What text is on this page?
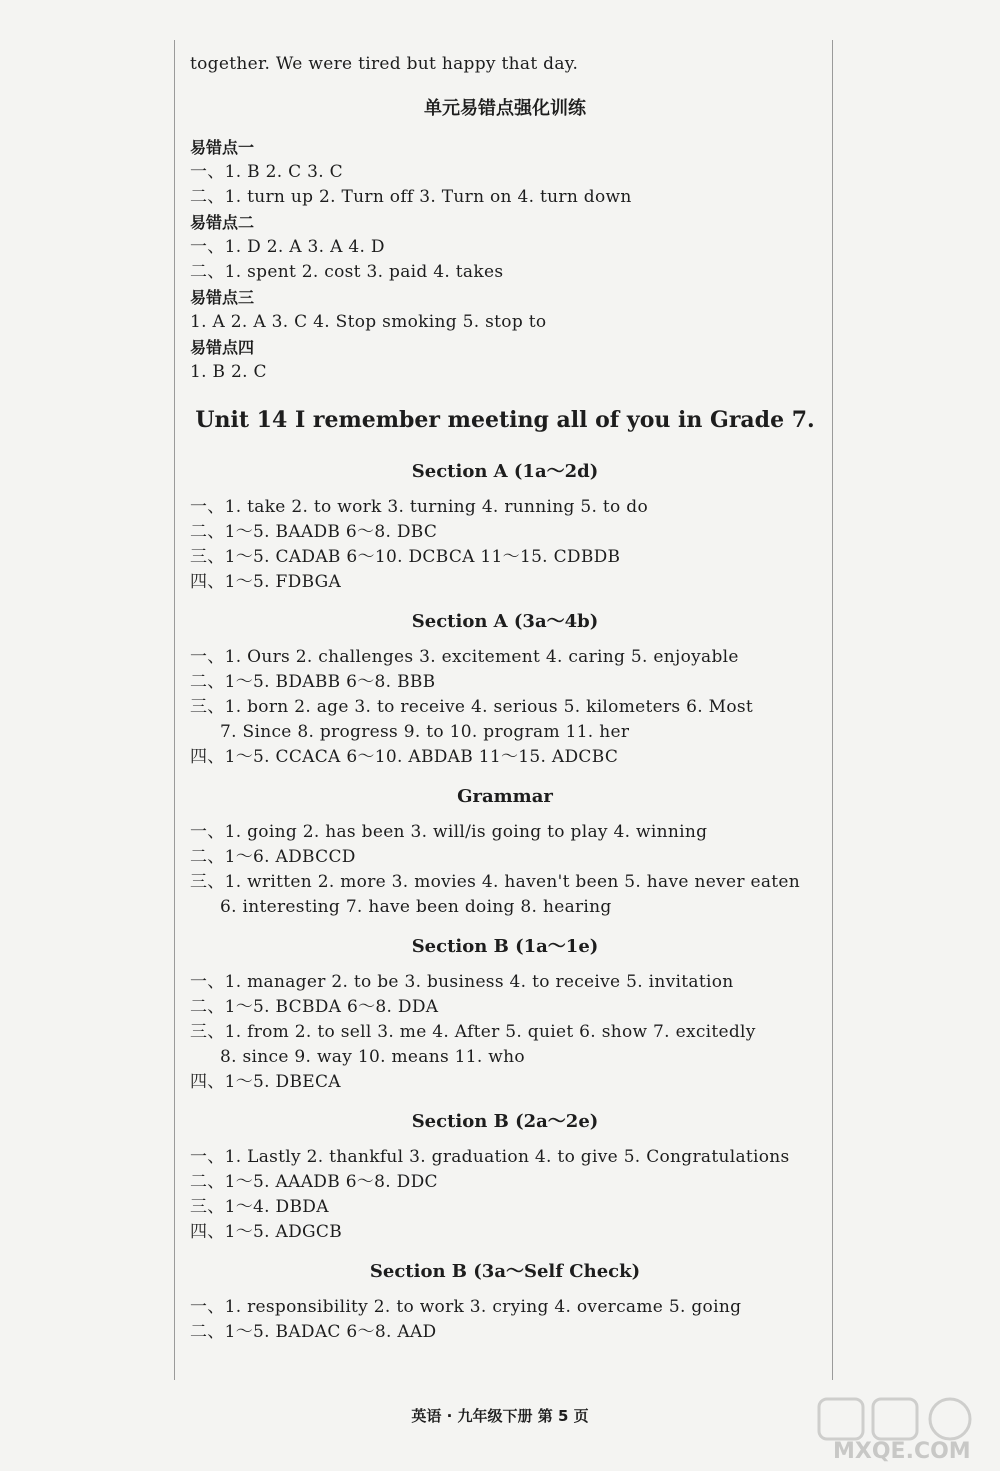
together. We were tired but happy that day.
单元易错点强化训练
易错点一
一、1. B 2. C 3. C
二、1. turn up 2. Turn off 3. Turn on 4. turn down
易错点二
一、1. D 2. A 3. A 4. D
二、1. spent 2. cost 3. paid 4. takes
易错点三
1. A 2. A 3. C 4. Stop smoking 5. stop to
易错点四
1. B 2. C
Unit 14 I remember meeting all of you in Grade 7.
Section A (1a～2d)
一、1. take 2. to work 3. turning 4. running 5. to do
二、1～5. BAADB 6～8. DBC
三、1～5. CADAB 6～10. DCBCA 11～15. CDBDB
四、1～5. FDBGA
Section A (3a～4b)
一、1. Ours 2. challenges 3. excitement 4. caring 5. enjoyable
二、1～5. BDABB 6～8. BBB
三、1. born 2. age 3. to receive 4. serious 5. kilometers 6. Most
7. Since 8. progress 9. to 10. program 11. her
四、1～5. CCACA 6～10. ABDAB 11～15. ADCBC
Grammar
一、1. going 2. has been 3. will/is going to play 4. winning
二、1～6. ADBCCD
三、1. written 2. more 3. movies 4. haven't been 5. have never eaten
6. interesting 7. have been doing 8. hearing
Section B (1a～1e)
一、1. manager 2. to be 3. business 4. to receive 5. invitation
二、1～5. BCBDA 6～8. DDA
三、1. from 2. to sell 3. me 4. After 5. quiet 6. show 7. excitedly
8. since 9. way 10. means 11. who
四、1～5. DBECA
Section B (2a～2e)
一、1. Lastly 2. thankful 3. graduation 4. to give 5. Congratulations
二、1～5. AAADB 6～8. DDC
三、1～4. DBDA
四、1～5. ADGCB
Section B (3a～Self Check)
一、1. responsibility 2. to work 3. crying 4. overcame 5. going
二、1～5. BADAC 6～8. AAD
英语 · 九年级下册 第 5 页
MXQE.COM
